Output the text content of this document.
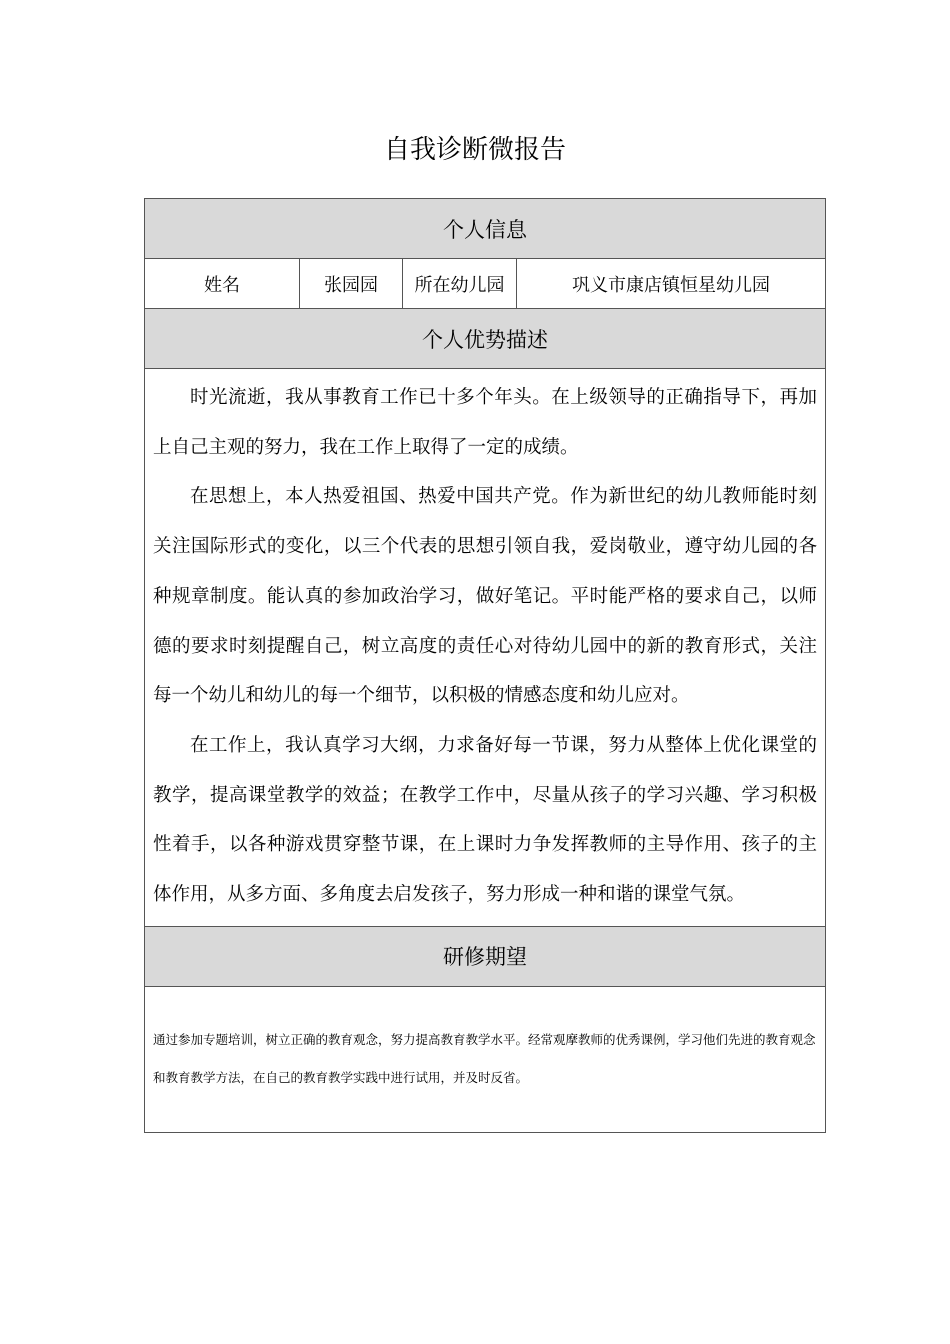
自我诊断微报告
个人信息
姓名	张园园	所在幼儿园	巩义市康店镇恒星幼儿园
个人优势描述

时光流逝，我从事教育工作已十多个年头。在上级领导的正确指导下，再加上自己主观的努力，我在工作上取得了一定的成绩。

在思想上，本人热爱祖国、热爱中国共产党。作为新世纪的幼儿教师能时刻关注国际形式的变化，以三个代表的思想引领自我，爱岗敬业，遵守幼儿园的各种规章制度。能认真的参加政治学习，做好笔记。平时能严格的要求自己，以师德的要求时刻提醒自己，树立高度的责任心对待幼儿园中的新的教育形式，关注每一个幼儿和幼儿的每一个细节，以积极的情感态度和幼儿应对。

在工作上，我认真学习大纲，力求备好每一节课，努力从整体上优化课堂的教学，提高课堂教学的效益；在教学工作中，尽量从孩子的学习兴趣、学习积极性着手，以各种游戏贯穿整节课，在上课时力争发挥教师的主导作用、孩子的主体作用，从多方面、多角度去启发孩子，努力形成一种和谐的课堂气氛。

研修期望
通过参加专题培训，树立正确的教育观念，努力提高教育教学水平。经常观摩教师的优秀课例，学习他们先进的教育观念和教育教学方法，在自己的教育教学实践中进行试用，并及时反省。
